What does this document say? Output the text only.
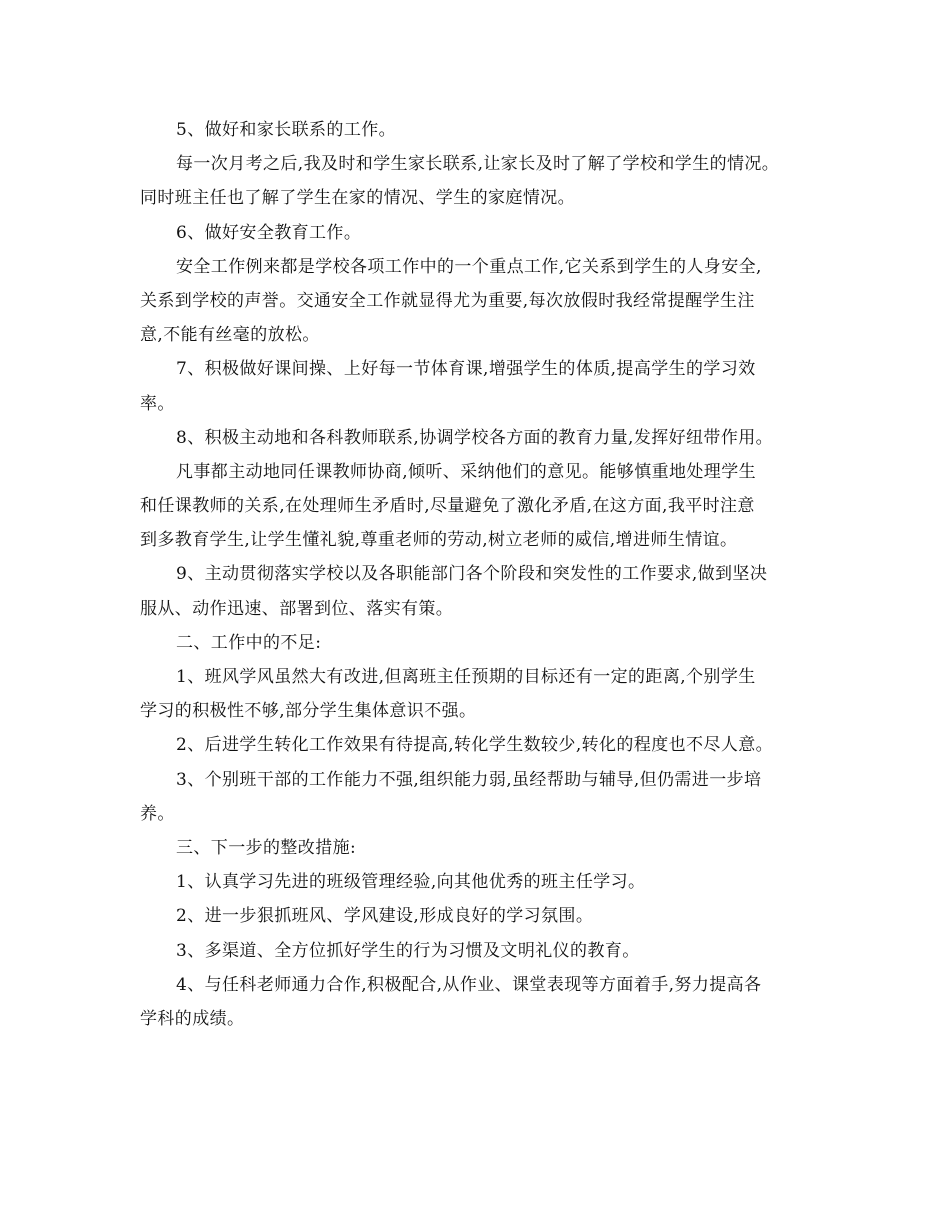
5、做好和家长联系的工作。
每一次月考之后,我及时和学生家长联系,让家长及时了解了学校和学生的情况。
同时班主任也了解了学生在家的情况、学生的家庭情况。
6、做好安全教育工作。
安全工作例来都是学校各项工作中的一个重点工作,它关系到学生的人身安全,
关系到学校的声誉。交通安全工作就显得尤为重要,每次放假时我经常提醒学生注
意,不能有丝毫的放松。
7、积极做好课间操、上好每一节体育课,增强学生的体质,提高学生的学习效
率。
8、积极主动地和各科教师联系,协调学校各方面的教育力量,发挥好纽带作用。
凡事都主动地同任课教师协商,倾听、采纳他们的意见。能够慎重地处理学生
和任课教师的关系,在处理师生矛盾时,尽量避免了激化矛盾,在这方面,我平时注意
到多教育学生,让学生懂礼貌,尊重老师的劳动,树立老师的威信,增进师生情谊。
9、主动贯彻落实学校以及各职能部门各个阶段和突发性的工作要求,做到坚决
服从、动作迅速、部署到位、落实有策。
二、工作中的不足:
1、班风学风虽然大有改进,但离班主任预期的目标还有一定的距离,个别学生
学习的积极性不够,部分学生集体意识不强。
2、后进学生转化工作效果有待提高,转化学生数较少,转化的程度也不尽人意。
3、个别班干部的工作能力不强,组织能力弱,虽经帮助与辅导,但仍需进一步培
养。
三、下一步的整改措施:
1、认真学习先进的班级管理经验,向其他优秀的班主任学习。
2、进一步狠抓班风、学风建设,形成良好的学习氛围。
3、多渠道、全方位抓好学生的行为习惯及文明礼仪的教育。
4、与任科老师通力合作,积极配合,从作业、课堂表现等方面着手,努力提高各
学科的成绩。
